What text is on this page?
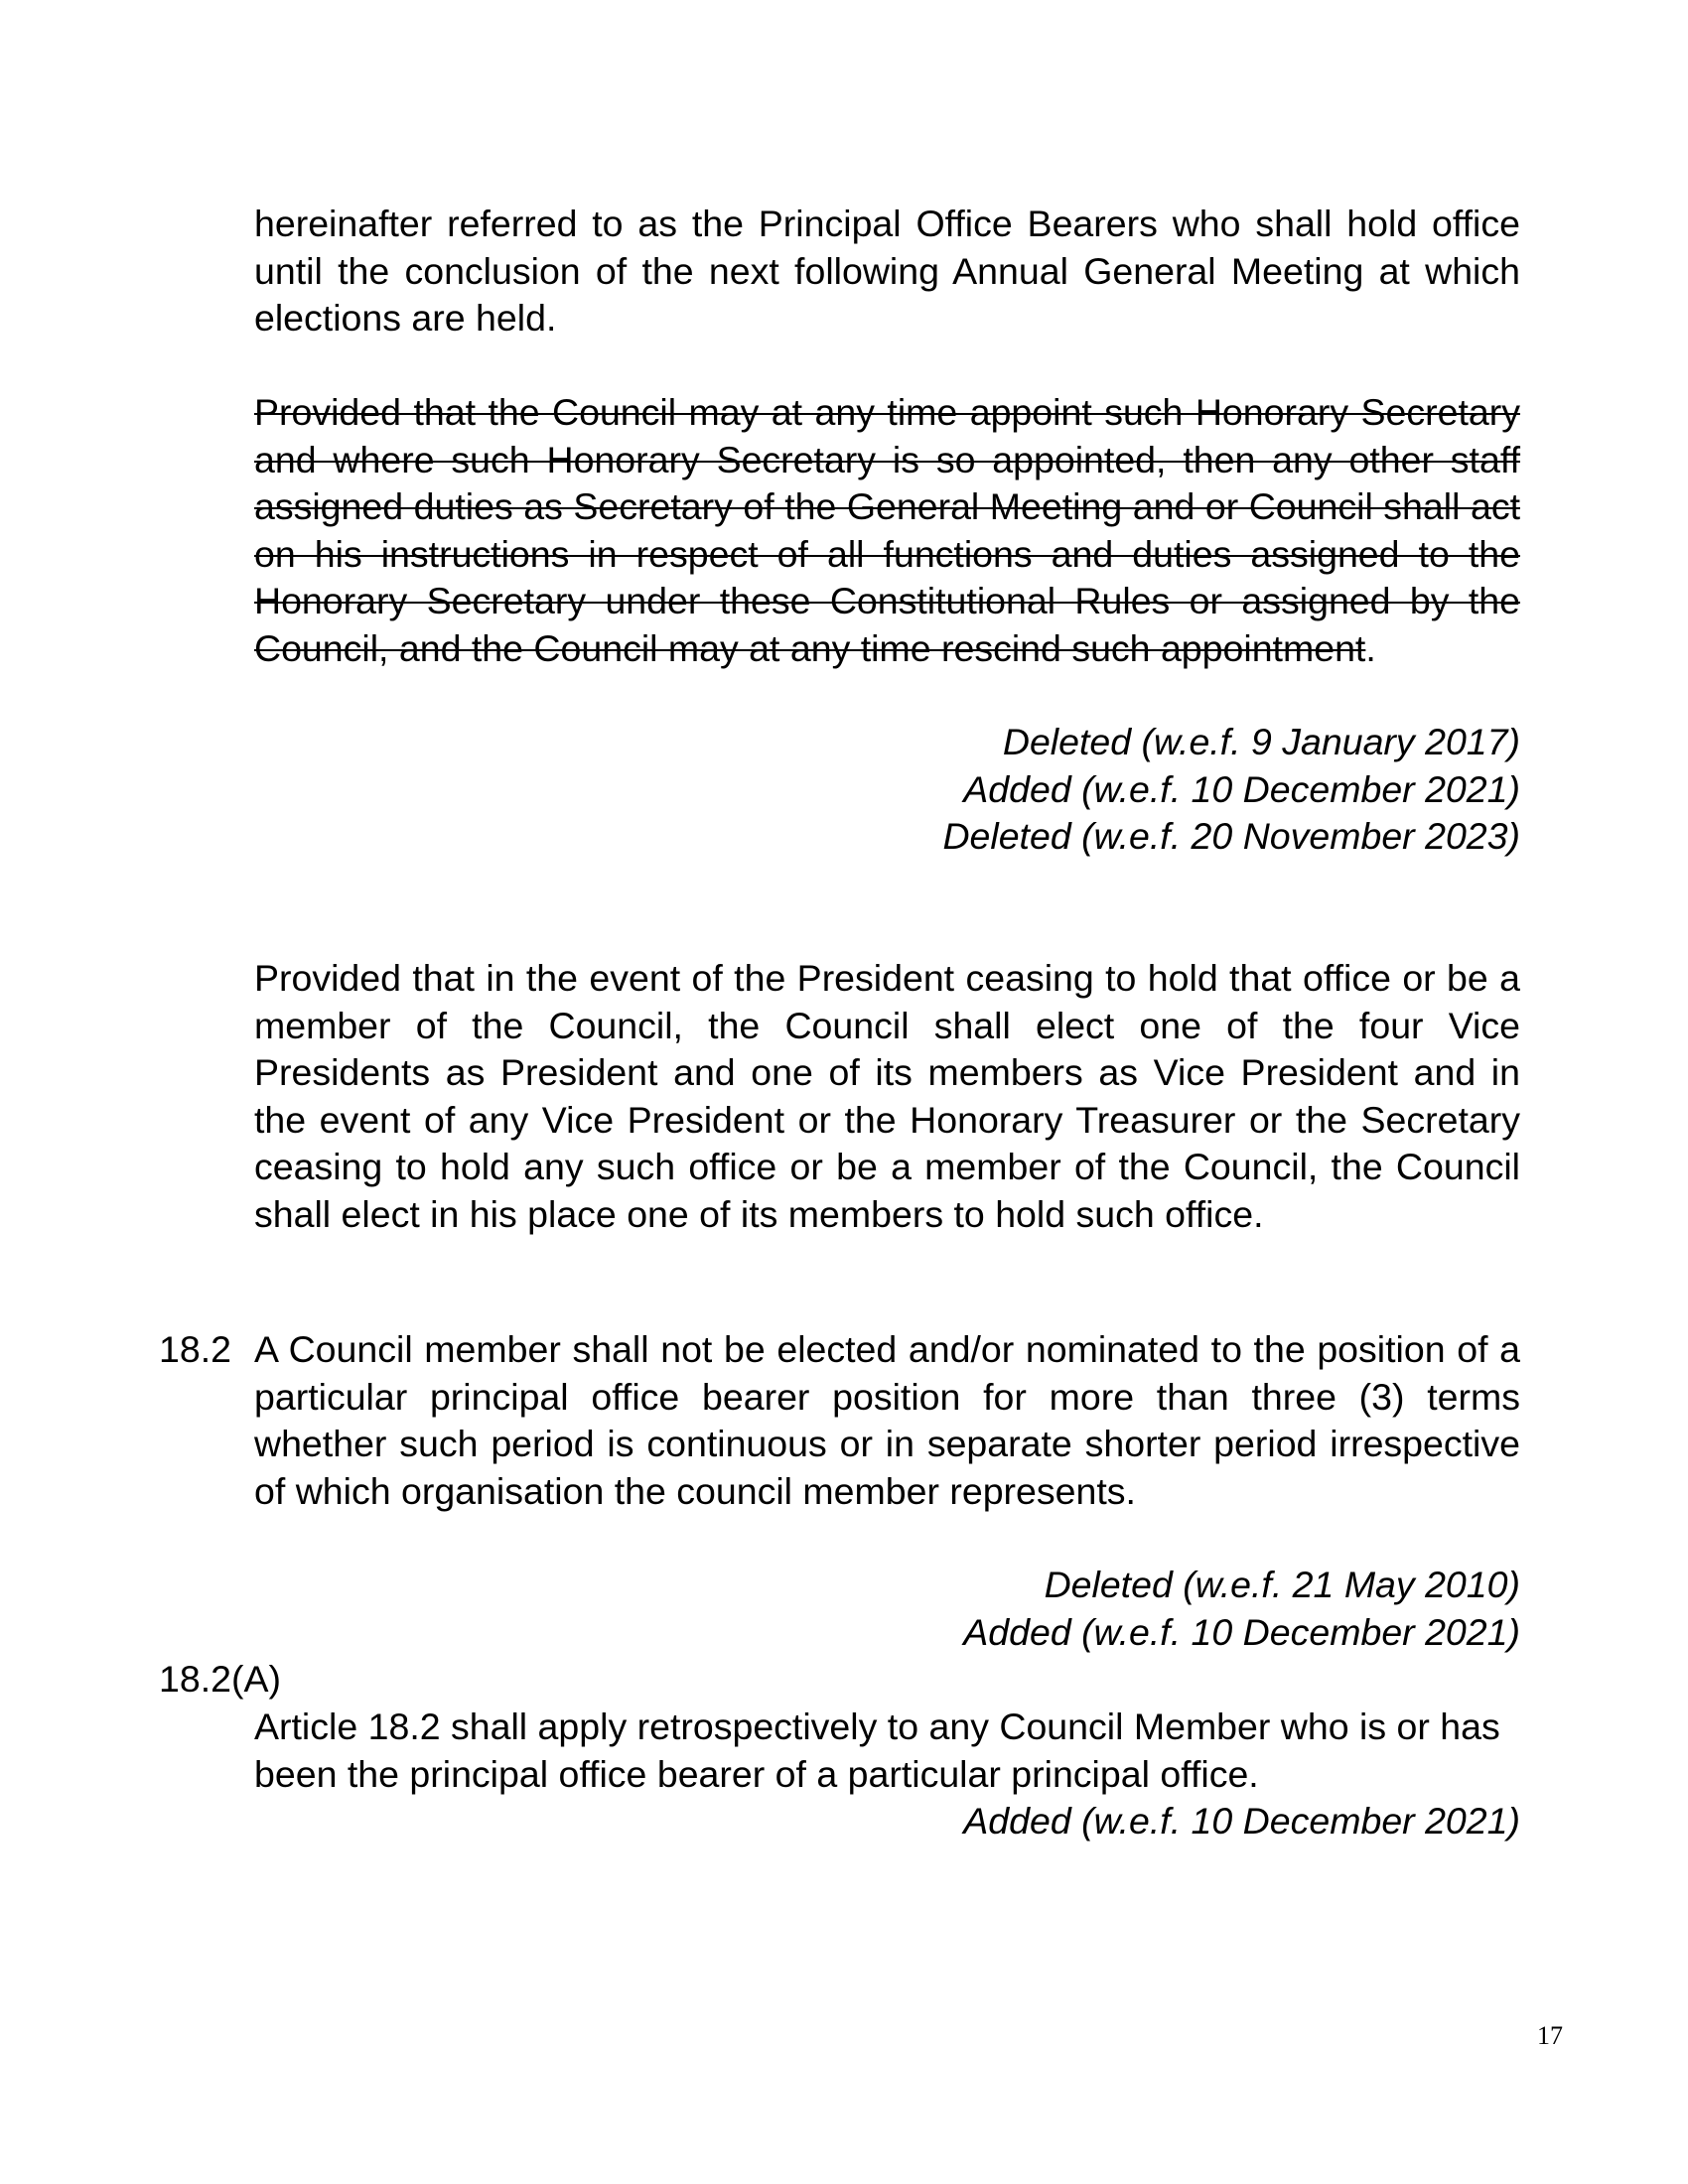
hereinafter referred to as the Principal Office Bearers who shall hold office until the conclusion of the next following Annual General Meeting at which elections are held.

Provided that the Council may at any time appoint such Honorary Secretary and where such Honorary Secretary is so appointed, then any other staff assigned duties as Secretary of the General Meeting and or Council shall act on his instructions in respect of all functions and duties assigned to the Honorary Secretary under these Constitutional Rules or assigned by the Council, and the Council may at any time rescind such appointment.

Deleted (w.e.f. 9 January 2017)
Added (w.e.f. 10 December 2021)
Deleted (w.e.f. 20 November 2023)

Provided that in the event of the President ceasing to hold that office or be a member of the Council, the Council shall elect one of the four Vice Presidents as President and one of its members as Vice President and in the event of any Vice President or the Honorary Treasurer or the Secretary ceasing to hold any such office or be a member of the Council, the Council shall elect in his place one of its members to hold such office.

18.2 A Council member shall not be elected and/or nominated to the position of a particular principal office bearer position for more than three (3) terms whether such period is continuous or in separate shorter period irrespective of which organisation the council member represents.

Deleted (w.e.f. 21 May 2010)
Added (w.e.f. 10 December 2021)

18.2(A)

Article 18.2 shall apply retrospectively to any Council Member who is or has been the principal office bearer of a particular principal office.

Added (w.e.f. 10 December 2021)
17
